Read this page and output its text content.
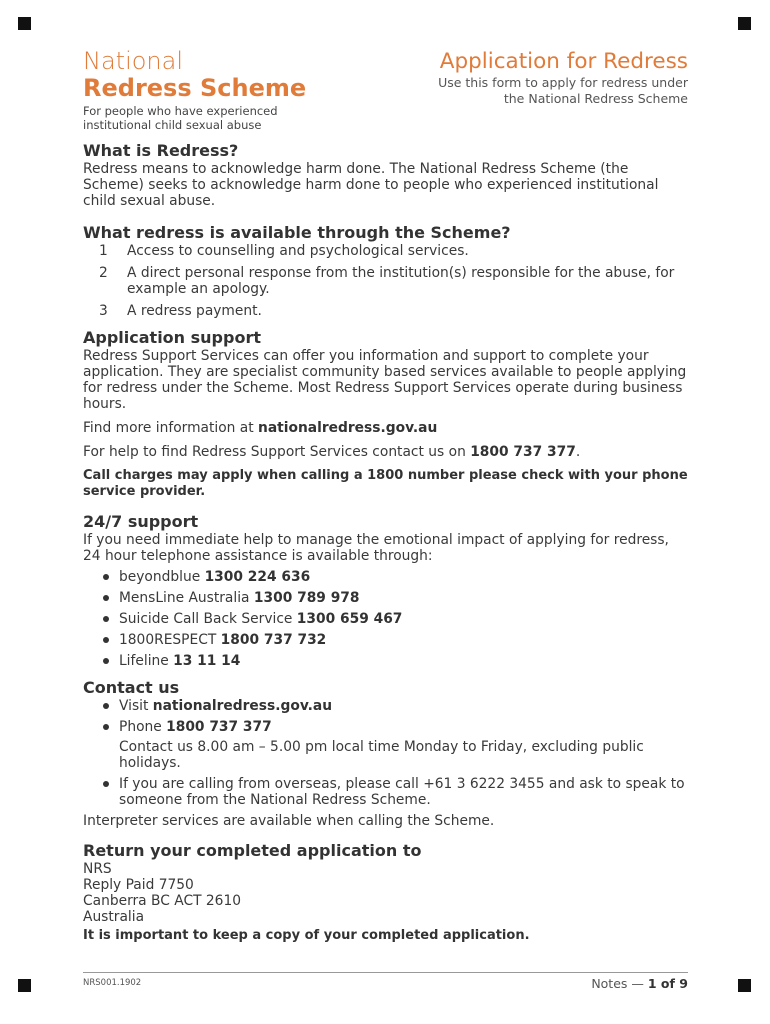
National
Redress Scheme
For people who have experienced institutional child sexual abuse
Application for Redress
Use this form to apply for redress under the National Redress Scheme
What is Redress?

Redress means to acknowledge harm done. The National Redress Scheme (the Scheme) seeks to acknowledge harm done to people who experienced institutional child sexual abuse.

What redress is available through the Scheme?
1 Access to counselling and psychological services.
2 A direct personal response from the institution(s) responsible for the abuse, for example an apology.
3 A redress payment.
Application support

Redress Support Services can offer you information and support to complete your application. They are specialist community based services available to people applying for redress under the Scheme. Most Redress Support Services operate during business hours.

Find more information at nationalredress.gov.au

For help to find Redress Support Services contact us on 1800 737 377.

Call charges may apply when calling a 1800 number please check with your phone service provider.

24/7 support

If you need immediate help to manage the emotional impact of applying for redress, 24 hour telephone assistance is available through:

beyondblue 1300 224 636
MensLine Australia 1300 789 978
Suicide Call Back Service 1300 659 467
1800RESPECT 1800 737 732
Lifeline 13 11 14
Contact us
Visit nationalredress.gov.au
Phone 1800 737 377
Contact us 8.00 am – 5.00 pm local time Monday to Friday, excluding public holidays.
If you are calling from overseas, please call +61 3 6222 3455 and ask to speak to someone from the National Redress Scheme.

Interpreter services are available when calling the Scheme.

Return your completed application to

NRS

Reply Paid 7750

Canberra BC ACT 2610

Australia

It is important to keep a copy of your completed application.

NRS001.1902	Notes — 1 of 9
